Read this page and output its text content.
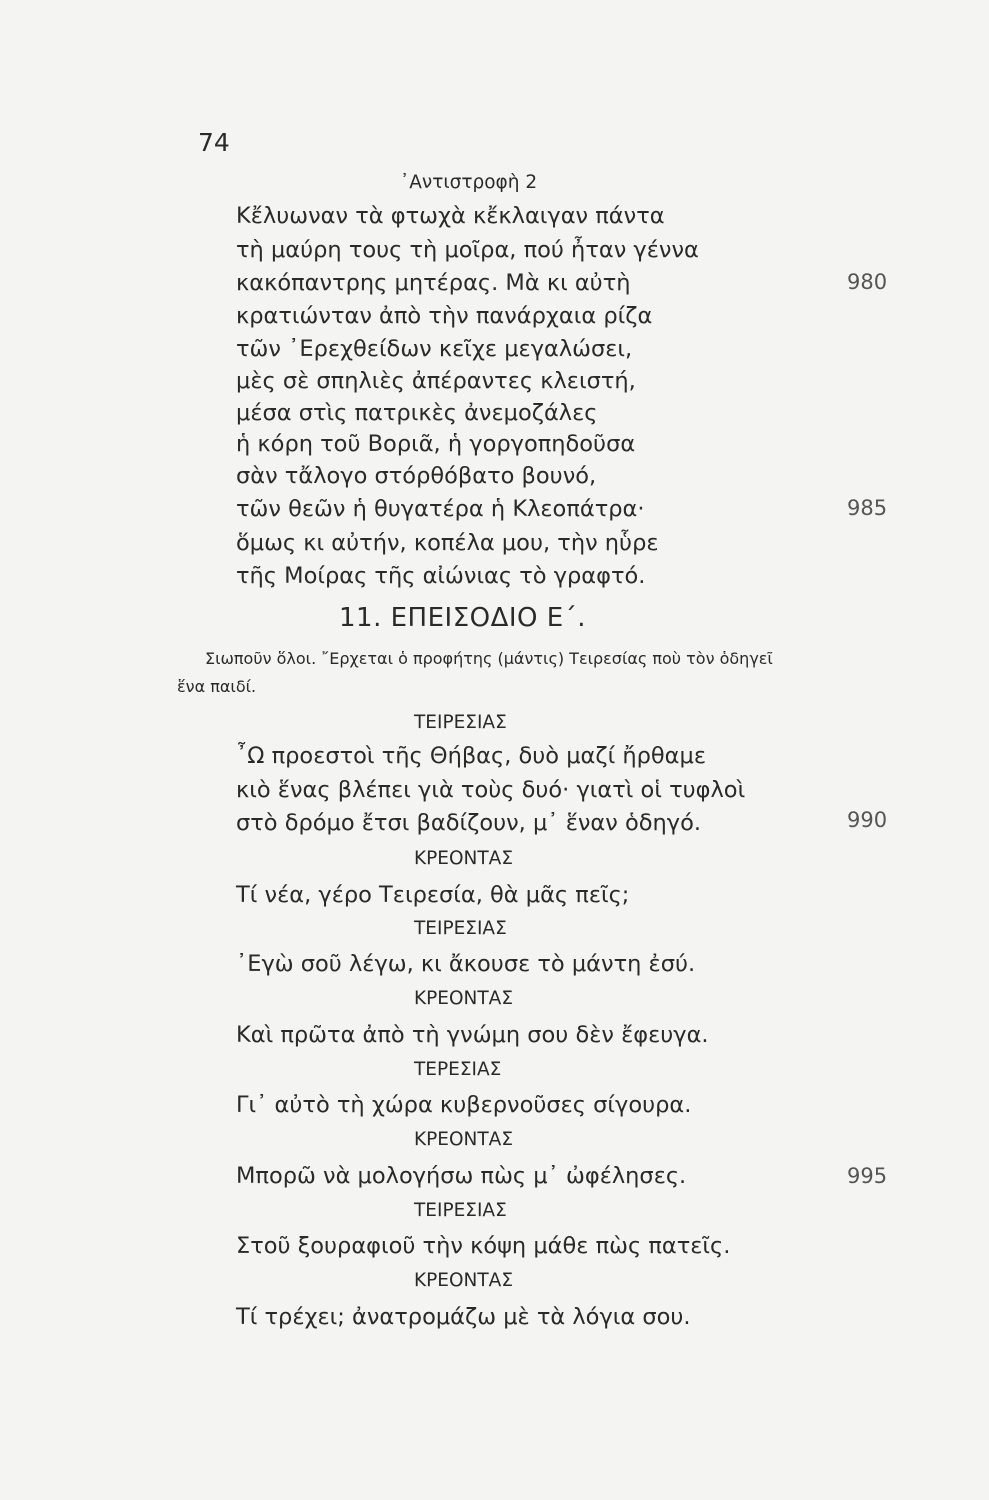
74
᾿Αντιστροφὴ 2
Κἔλυωναν τὰ φτωχὰ κἔκλαιγαν πάντα
τὴ μαύρη τους τὴ μοῖρα, πού ἦταν γέννα
κακόπαντρης μητέρας. Μὰ κι αὐτὴ
κρατιώνταν ἀπὸ τὴν πανάρχαια ρίζα
τῶν ᾿Ερεχθείδων κεῖχε μεγαλώσει,
μὲς σὲ σπηλιὲς ἀπέραντες κλειστή,
μέσα στὶς πατρικὲς ἀνεμοζάλες
ἡ κόρη τοῦ Βοριᾶ, ἡ γοργοπηδοῦσα
σὰν τἄλογο στόρθόβατο βουνό,
τῶν θεῶν ἡ θυγατέρα ἡ Κλεοπάτρα·
ὅμως κι αὐτήν, κοπέλα μου, τὴν ηὗρε
τῆς Μοίρας τῆς αἰώνιας τὸ γραφτό.
980
985
990
995
11. ΕΠΕΙΣΟΔΙΟ Ε΄.
Σιωποῦν ὅλοι. ῎Ερχεται ὁ προφήτης (μάντις) Τειρεσίας ποὺ τὸν ὁδηγεῖ
ἕνα παιδί.
ΤΕΙΡΕΣΙΑΣ
῏Ω προεστοὶ τῆς Θήβας, δυὸ μαζί ἤρθαμε
κιὸ ἕνας βλέπει γιὰ τοὺς δυό· γιατὶ οἱ τυφλοὶ
στὸ δρόμο ἔτσι βαδίζουν, μ᾿ ἕναν ὁδηγό.
ΚΡΕΟΝΤΑΣ
Τί νέα, γέρο Τειρεσία, θὰ μᾶς πεῖς;
ΤΕΙΡΕΣΙΑΣ
᾿Εγὼ σοῦ λέγω, κι ἄκουσε τὸ μάντη ἐσύ.
ΚΡΕΟΝΤΑΣ
Καὶ πρῶτα ἀπὸ τὴ γνώμη σου δὲν ἔφευγα.
ΤΕΡΕΣΙΑΣ
Γι᾿ αὐτὸ τὴ χώρα κυβερνοῦσες σίγουρα.
ΚΡΕΟΝΤΑΣ
Μπορῶ νὰ μολογήσω πὼς μ᾿ ὠφέλησες.
ΤΕΙΡΕΣΙΑΣ
Στοῦ ξουραφιοῦ τὴν κόψη μάθε πὼς πατεῖς.
ΚΡΕΟΝΤΑΣ
Τί τρέχει; ἀνατρομάζω μὲ τὰ λόγια σου.
